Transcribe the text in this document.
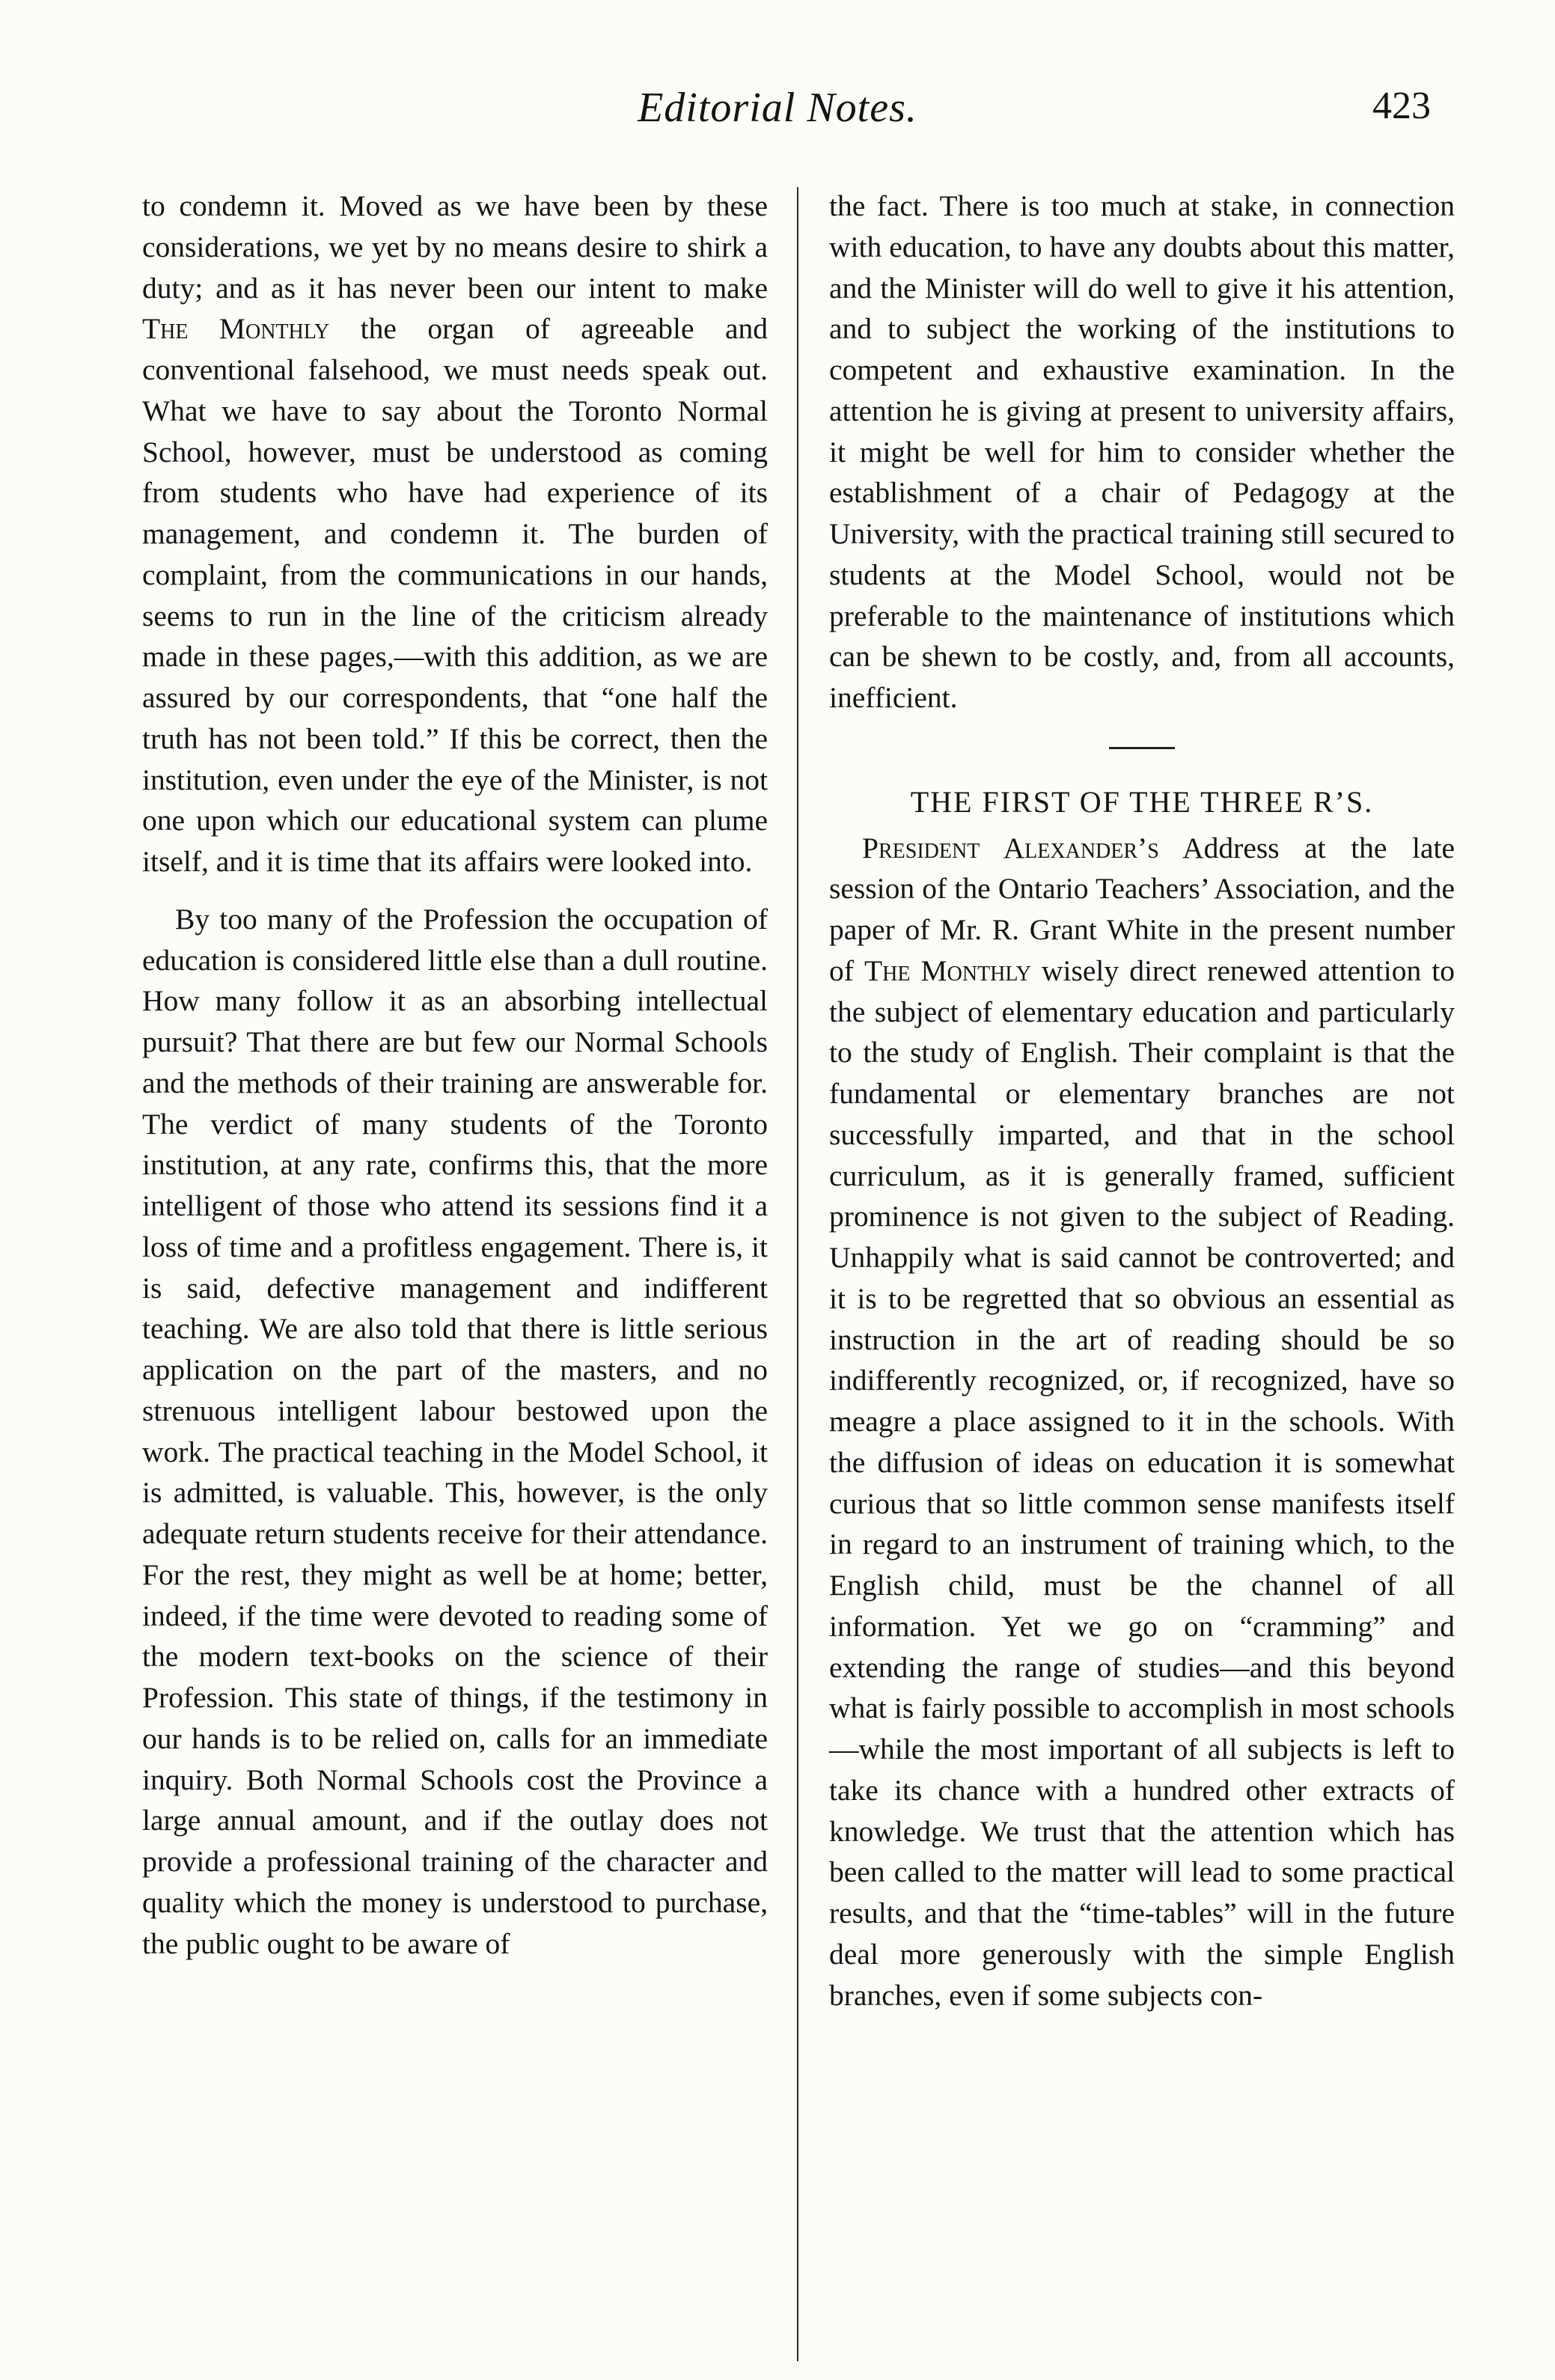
Editorial Notes.	423

to condemn it. Moved as we have been by these considerations, we yet by no means desire to shirk a duty; and as it has never been our intent to make The Monthly the organ of agreeable and conventional falsehood, we must needs speak out. What we have to say about the Toronto Normal School, however, must be understood as coming from students who have had experience of its management, and condemn it. The burden of complaint, from the communications in our hands, seems to run in the line of the criticism already made in these pages,—with this addition, as we are assured by our correspondents, that “one half the truth has not been told.” If this be correct, then the institution, even under the eye of the Minister, is not one upon which our educational system can plume itself, and it is time that its affairs were looked into.

By too many of the Profession the occupation of education is considered little else than a dull routine. How many follow it as an absorbing intellectual pursuit? That there are but few our Normal Schools and the methods of their training are answerable for. The verdict of many students of the Toronto institution, at any rate, confirms this, that the more intelligent of those who attend its sessions find it a loss of time and a profitless engagement. There is, it is said, defective management and indifferent teaching. We are also told that there is little serious application on the part of the masters, and no strenuous intelligent labour bestowed upon the work. The practical teaching in the Model School, it is admitted, is valuable. This, however, is the only adequate return students receive for their attendance. For the rest, they might as well be at home; better, indeed, if the time were devoted to reading some of the modern text-books on the science of their Profession. This state of things, if the testimony in our hands is to be relied on, calls for an immediate inquiry. Both Normal Schools cost the Province a large annual amount, and if the outlay does not provide a professional training of the character and quality which the money is understood to purchase, the public ought to be aware of

the fact. There is too much at stake, in connection with education, to have any doubts about this matter, and the Minister will do well to give it his attention, and to subject the working of the institutions to competent and exhaustive examination. In the attention he is giving at present to university affairs, it might be well for him to consider whether the establishment of a chair of Pedagogy at the University, with the practical training still secured to students at the Model School, would not be preferable to the maintenance of institutions which can be shewn to be costly, and, from all accounts, inefficient.

THE FIRST OF THE THREE R’S.

President Alexander’s Address at the late session of the Ontario Teachers’ Association, and the paper of Mr. R. Grant White in the present number of The Monthly wisely direct renewed attention to the subject of elementary education and particularly to the study of English. Their complaint is that the fundamental or elementary branches are not successfully imparted, and that in the school curriculum, as it is generally framed, sufficient prominence is not given to the subject of Reading. Unhappily what is said cannot be controverted; and it is to be regretted that so obvious an essential as instruction in the art of reading should be so indifferently recognized, or, if recognized, have so meagre a place assigned to it in the schools. With the diffusion of ideas on education it is somewhat curious that so little common sense manifests itself in regard to an instrument of training which, to the English child, must be the channel of all information. Yet we go on “cramming” and extending the range of studies—and this beyond what is fairly possible to accomplish in most schools—while the most important of all subjects is left to take its chance with a hundred other extracts of knowledge. We trust that the attention which has been called to the matter will lead to some practical results, and that the “time-tables” will in the future deal more generously with the simple English branches, even if some subjects con-
